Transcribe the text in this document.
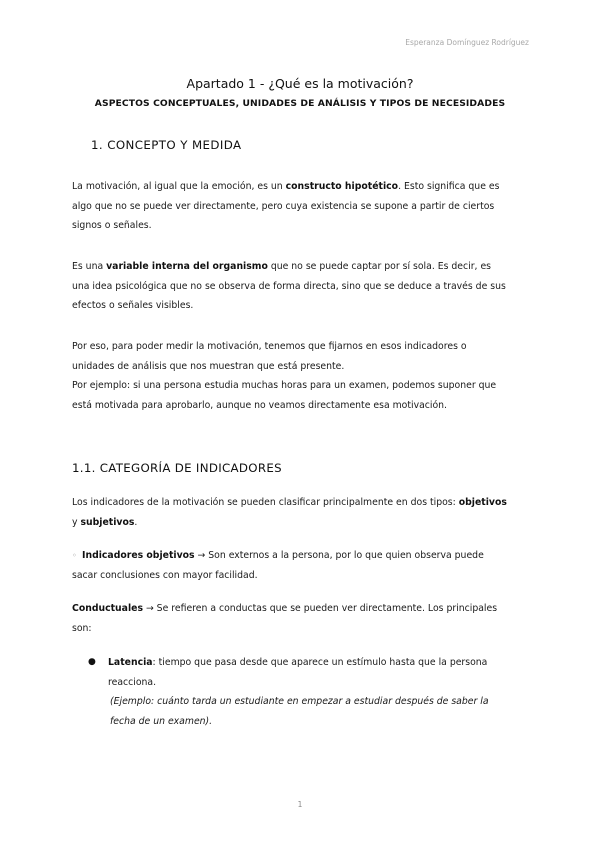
Esperanza Domínguez Rodríguez
Apartado 1 - ¿Qué es la motivación?
ASPECTOS CONCEPTUALES, UNIDADES DE ANÁLISIS Y TIPOS DE NECESIDADES
1. CONCEPTO Y MEDIDA
La motivación, al igual que la emoción, es un constructo hipotético. Esto significa que es
algo que no se puede ver directamente, pero cuya existencia se supone a partir de ciertos
signos o señales.
Es una variable interna del organismo que no se puede captar por sí sola. Es decir, es
una idea psicológica que no se observa de forma directa, sino que se deduce a través de sus
efectos o señales visibles.
Por eso, para poder medir la motivación, tenemos que fijarnos en esos indicadores o
unidades de análisis que nos muestran que está presente.
Por ejemplo: si una persona estudia muchas horas para un examen, podemos suponer que
está motivada para aprobarlo, aunque no veamos directamente esa motivación.
1.1. CATEGORÍA DE INDICADORES
Los indicadores de la motivación se pueden clasificar principalmente en dos tipos: objetivos
y subjetivos.
◦ Indicadores objetivos → Son externos a la persona, por lo que quien observa puede
sacar conclusiones con mayor facilidad.
Conductuales → Se refieren a conductas que se pueden ver directamente. Los principales
son:
● Latencia: tiempo que pasa desde que aparece un estímulo hasta que la persona
reacciona.
(Ejemplo: cuánto tarda un estudiante en empezar a estudiar después de saber la
fecha de un examen).
1
